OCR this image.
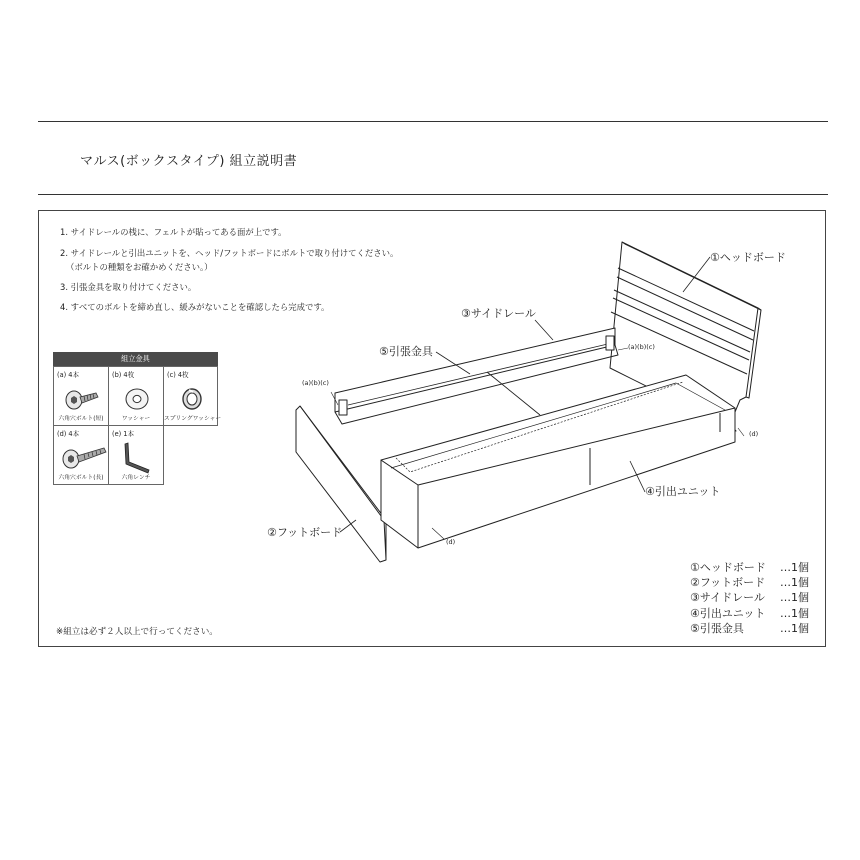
マルス(ボックスタイプ) 組立説明書
1. サイドレールの桟に、フェルトが貼ってある面が上です。
2. サイドレールと引出ユニットを、ヘッド/フットボードにボルトで取り付けてください。
（ボルトの種類をお確かめください。）
3. 引張金具を取り付けてください。
4. すべてのボルトを締め直し、緩みがないことを確認したら完成です。
組立金具
(a) 4本
六角穴ボルト(短)
(b) 4枚
ワッシャー
(c) 4枚
スプリングワッシャー
(d) 4本
六角穴ボルト(長)
(e) 1本
六角レンチ
①ヘッドボード
③サイドレール
⑤引張金具
②フットボード
④引出ユニット
(a)(b)(c)
(a)(b)(c)
(d)
(d)
①ヘッドボード	…1個
②フットボード	…1個
③サイドレール	…1個
④引出ユニット	…1個
⑤引張金具	…1個
※組立は必ず２人以上で行ってください。
